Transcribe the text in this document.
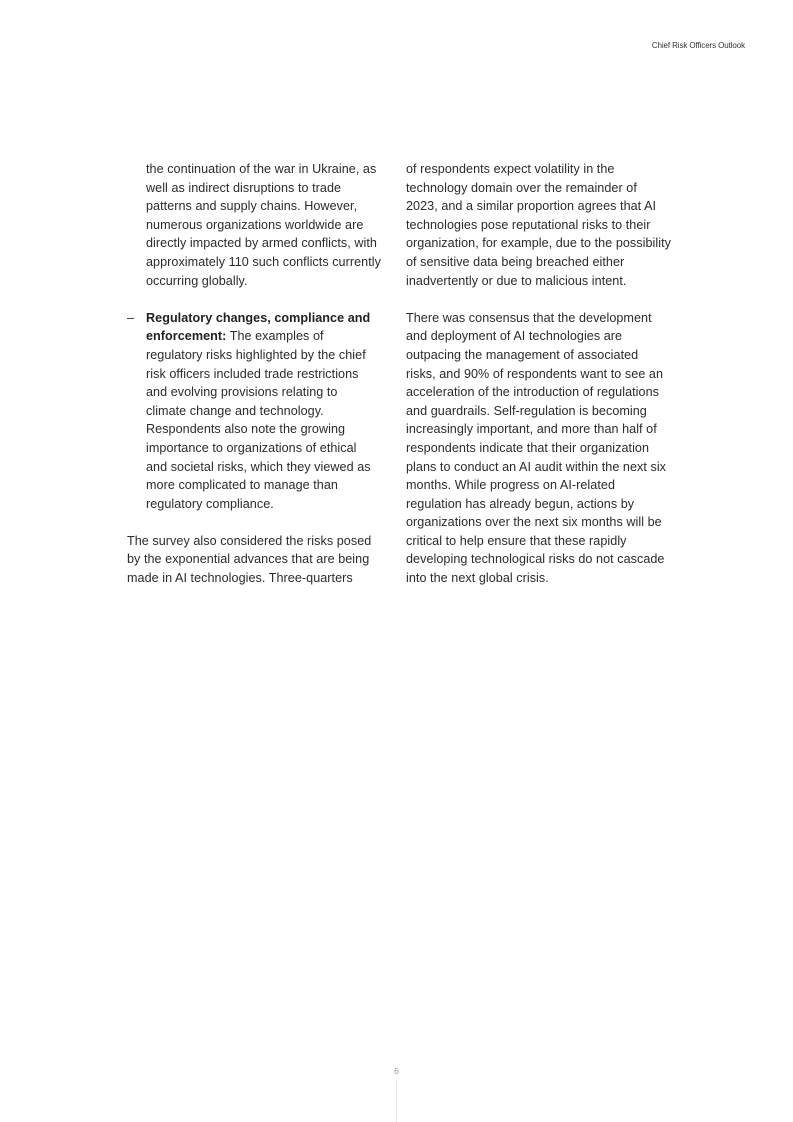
Chief Risk Officers Outlook

the continuation of the war in Ukraine, as well as indirect disruptions to trade patterns and supply chains. However, numerous organizations worldwide are directly impacted by armed conflicts, with approximately 110 such conflicts currently occurring globally.

– Regulatory changes, compliance and enforcement: The examples of regulatory risks highlighted by the chief risk officers included trade restrictions and evolving provisions relating to climate change and technology. Respondents also note the growing importance to organizations of ethical and societal risks, which they viewed as more complicated to manage than regulatory compliance.

The survey also considered the risks posed by the exponential advances that are being made in AI technologies. Three-quarters

of respondents expect volatility in the technology domain over the remainder of 2023, and a similar proportion agrees that AI technologies pose reputational risks to their organization, for example, due to the possibility of sensitive data being breached either inadvertently or due to malicious intent.

There was consensus that the development and deployment of AI technologies are outpacing the management of associated risks, and 90% of respondents want to see an acceleration of the introduction of regulations and guardrails. Self-regulation is becoming increasingly important, and more than half of respondents indicate that their organization plans to conduct an AI audit within the next six months. While progress on AI-related regulation has already begun, actions by organizations over the next six months will be critical to help ensure that these rapidly developing technological risks do not cascade into the next global crisis.

6
